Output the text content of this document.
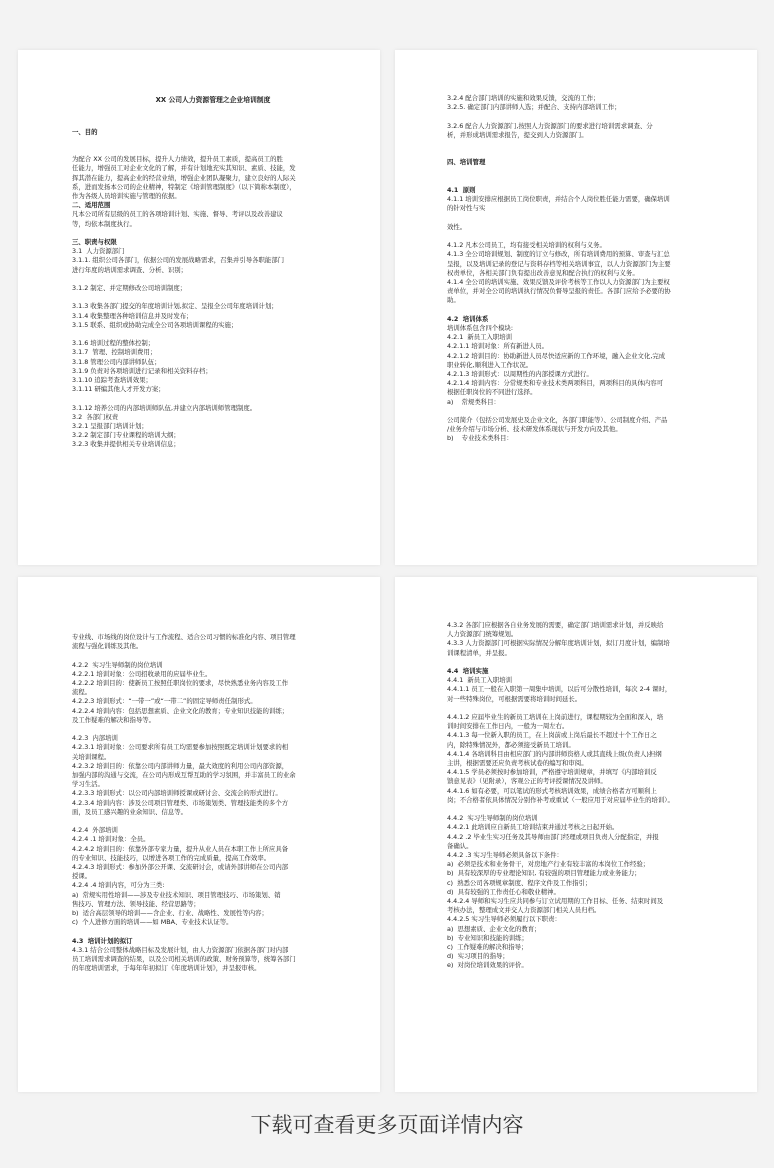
XX 公司人力资源管理之企业培训制度
一、目的
为配合 XX 公司的发展目标，提升人力绩效，提升员工素质，提高员工的胜
任能力，增强员工对企业文化的了解，并有计划地充实其知识、素质、技能，发
挥其潜在能力，提高企业的经营业绩，增强企业团队凝聚力，建立良好的人际关
系，进而发扬本公司的企业精神，特制定《培训管理制度》（以下简称本制度），
作为各级人员培训实施与管理的依据。
二、适用范围
凡本公司所有层级的员工的各项培训计划、实施、督导、考评以及改善建议
等，均依本制度执行。
三、职责与权限
3.1  人力资源部门
3.1.1. 组织公司各部门，依据公司的发展战略需求，召集并引导各职能部门
进行年度的培训需求调查、分析、识别；
3.1.2 制定、并定期修改公司培训制度；
3.1.3 收集各部门提交的年度培训计划,拟定、呈报全公司年度培训计划；
3.1.4 收集整理各种培训信息并及时发布；
3.1.5 联系、组织或协助完成全公司各项培训课程的实施；
3.1.6 培训过程的整体控制；
3.1.7  管理、控制培训费用；
3.1.8 管理公司内部讲师队伍；
3.1.9 负责对各项培训进行记录和相关资料存档；
3.1.10 追踪考查培训效果；
3.1.11 研编其他人才开发方案；
3.1.12 培养公司的内部培训师队伍,并建立内部培训师管理制度。
3.2  各部门权责
3.2.1 呈报部门培训计划；
3.2.2 制定部门专业课程的培训大纲；
3.2.3 收集并提供相关专业培训信息；
3.2.4 配合部门培训的实施和效果反馈，交流的工作；
3.2.5. 确定部门内部讲师人选；并配合、支持内部培训工作；
3.2.6 配合人力资源部门,按照人力资源部门的要求进行培训需求调查、分
析，并形成培训需求报告，提交到人力资源部门。
四、培训管理
4.1  原则
4.1.1 培训安排应根据员工岗位职责，并结合个人岗位胜任能力需要，确保培训
的针对性与实
效性。
4.1.2 凡本公司员工，均有接受相关培训的权利与义务。
4.1.3 全公司培训规划、制度的订立与修改，所有培训费用的预算、审查与汇总
呈报，以及培训记录的登记与资料存档等相关培训事宜，以人力资源部门为主要
权责单位，各相关部门负有提出改善意见和配合执行的权利与义务。
4.1.4 全公司的培训实施、效果反馈及评价考核等工作以人力资源部门为主要权
责单位，并对全公司的培训执行情况负督导呈报的责任。各部门应给予必要的协
助。
4.2  培训体系
培训体系包含四个模块:
4.2.1  新员工入职培训
4.2.1.1 培训对象：所有新进人员。
4.2.1.2 培训目的：协助新进人员尽快适应新的工作环境，融入企业文化,完成
职业转化,顺利进入工作状况。
4.2.1.3 培训形式：以周期性的内部授课方式进行。
4.2.1.4 培训内容：分常规类和专业技术类两项科目，两项科目的具体内容可
根据任职岗位的不同进行选择。
a)    常规类科目：
公司简介（包括公司发展史及企业文化，各部门职能等）、公司制度介绍、产品
/业务介绍与市场分析、技术研发体系现状与开发方向及其他。
b)    专业技术类科目：
专业线、市场线的岗位设计与工作流程、适合公司习惯的标准化内容、项目管理
流程与强化训练及其他。
4.2.2  实习生导师制的岗位培训
4.2.2.1 培训对象：公司招收录用的应届毕业生。
4.2.2.2 培训目的：使新员工按照任职岗位的要求，尽快熟悉业务内容及工作
流程。
4.2.2.3 培训形式：“一带一”或“一带二”的固定导师责任制形式。
4.2.2.4 培训内容：包括思想素质、企业文化的教育；专业知识技能的训练；
及工作疑难的解决和指导等。
4.2.3  内部培训
4.2.3.1 培训对象：公司要求所有员工均需要参加按照既定培训计划要求的相
关培训课程。
4.2.3.2 培训目的：依靠公司内部讲师力量，最大效度的利用公司内部资源，
加强内部的沟通与交流，在公司内形成互帮互助的学习氛围，并丰富员工的业余
学习生活。
4.2.3.3 培训形式：以公司内部培训师授课或研讨会、交流会的形式进行。
4.2.3.4 培训内容：涉及公司项目管理类、市场策划类、管理技能类的多个方
面，及员工感兴趣的业余知识、信息等。
4.2.4  外部培训
4.2.4 .1 培训对象：全员。
4.2.4.2 培训目的：依靠外部专家力量，提升从业人员在本职工作上所应具备
的专业知识、技能技巧，以增进各项工作的完成质量，提高工作效率。
4.2.4.3 培训形式：参加外部公开课、交流研讨会，或请外部讲师在公司内部
授课。
4.2.4 .4 培训内容，可分为三类:
a)  常规实用性培训——涉及专业技术知识、项目管理技巧、市场策划、销
售技巧、管理方法、领导技能、经营思路等；
b)  适合高层领导的培训——含企业、行业、战略性、发展性等内容；
c)  个人进修方面的培训——如 MBA、专业技术认证等。
4.3  培训计划的拟订
4.3.1 结合公司整体战略目标及发展计划，由人力资源部门依据各部门对内部
员工培训需求调查的结果，以及公司相关培训的政策、财务预算等，统筹各部门
的年度培训需求，于每年年初拟订《年度培训计划》，并呈报审核。
4.3.2 各部门应根据各自业务发展的需要，确定部门培训需求计划，并反映给
人力资源部门统筹规划。
4.3.3 人力资源部门可根据实际情况分解年度培训计划，拟订月度计划，编制培
训课程清单，并呈报。
4.4  培训实施
4.4.1  新员工入职培训
4.4.1.1 员工一般在入职第一周集中培训，以后可分散性培训，每次 2-4 课时，
对一些特殊岗位，可根据需要将培训时间延长。
4.4.1.2 应届毕业生的新员工培训在上岗前进行，课程期较为全面和深入，培
训时间安排在工作日内，一般为一周左右。
4.4.1.3 每一位新入职的员工，在上岗前或上岗后最长不超过十个工作日之
内，除特殊情况外，都必须接受新员工培训。
4.4.1.4 各培训科目由相应部门的内部讲师资格人或其直线上级(负责人)担纲
主讲，根据需要还应负责考核试卷的编写和审阅。
4.4.1.5 学员必须按时参加培训，严格遵守培训规章，并填写《内部培训反
馈意见表》（见附录），客观公正的考评授课情况及讲师。
4.4.1.6 如有必要，可以笔试的形式考核培训效果，成绩合格者方可顺利上
岗；不合格者依具体情况分别作补考或重试（一般应用于对应届毕业生的培训）。
4.4.2  实习生导师制的岗位培训
4.4.2.1 此培训应自新员工培训结束并通过考核之日起开始。
4.4.2 .2 毕业生实习任务及其导师由部门经理或项目负责人分配指定，并报
备确认。
4.4.2 .3 实习生导师必须具备以下条件：
a)  必须是技术和业务骨干，对房地产行业有较丰富的本岗位工作经验；
b)  具有较深厚的专业理论知识, 有较强的项目管理能力或业务能力；
c)  熟悉公司各项规章制度、程序文件及工作指引；
d)  具有较强的工作责任心和敬业精神。
4.4.2.4 导师和实习生应共同参与订立试用期的工作目标、任务、结束时间及
考核办法，整理成文并交人力资源部门相关人员归档。
4.4.2.5 实习生导师必须履行以下职责：
a)  思想素质、企业文化的教育；
b)  专业知识和技能的训练；
c)  工作疑难的解决和指导；
d)  实习项目的指导；
e)  对岗位培训效果的评价。
下载可查看更多页面详情内容
